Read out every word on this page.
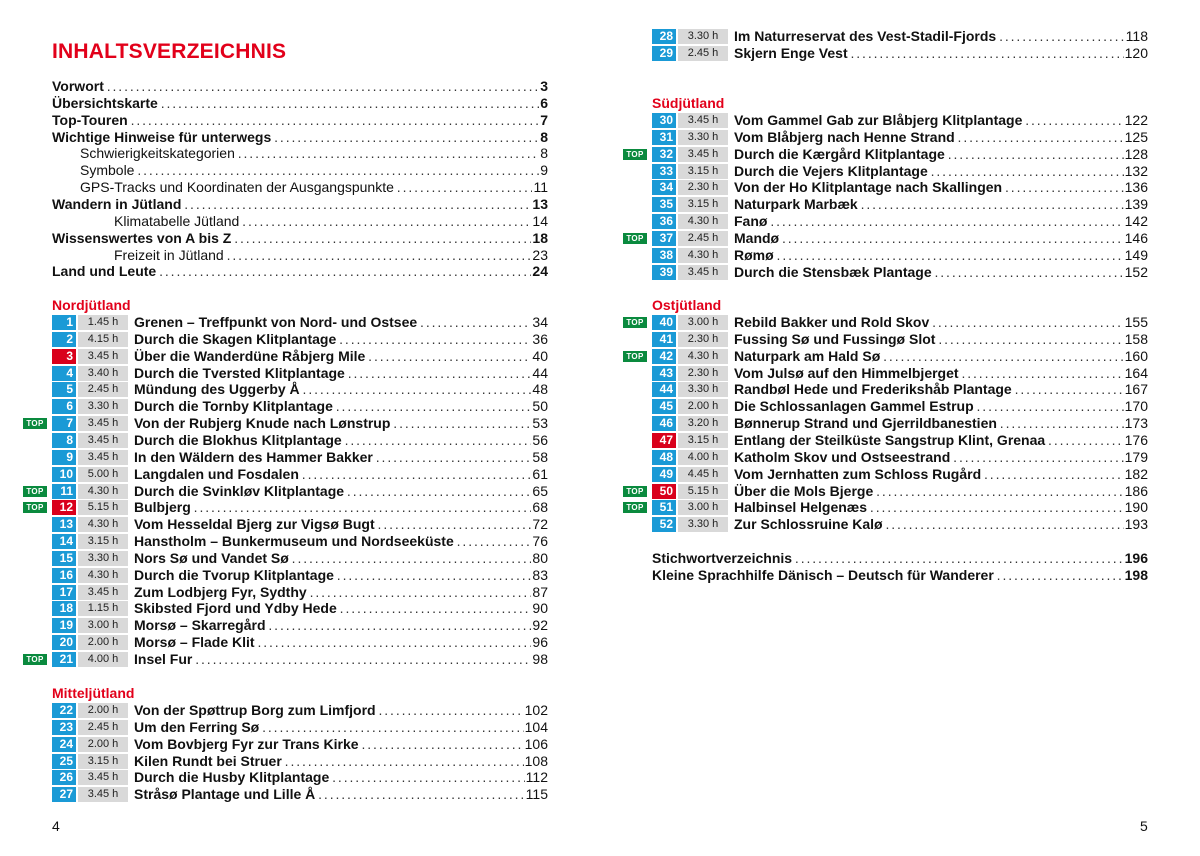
INHALTSVERZEICHNIS
Vorwort . . .	3
Übersichtskarte . . .	6
Top-Touren . . .	7
Wichtige Hinweise für unterwegs . . .	8
Schwierigkeitskategorien . . .	8
Symbole . . .	9
GPS-Tracks und Koordinaten der Ausgangspunkte . . .	11
Wandern in Jütland . . .	13
Klimatabelle Jütland . . .	14
Wissenswertes von A bis Z . . .	18
Freizeit in Jütland . . .	23
Land und Leute . . .	24
Nordjütland
1	1.45 h	Grenen – Treffpunkt von Nord- und Ostsee . . .	34
2	4.15 h	Durch die Skagen Klitplantage . . .	36
3	3.45 h	Über die Wanderdüne Råbjerg Mile . . .	40
4	3.40 h	Durch die Tversted Klitplantage . . .	44
5	2.45 h	Mündung des Uggerby Å . . .	48
6	3.30 h	Durch die Tornby Klitplantage . . .	50
7	3.45 h	Von der Rubjerg Knude nach Lønstrup . . .	53
8	3.45 h	Durch die Blokhus Klitplantage . . .	56
9	3.45 h	In den Wäldern des Hammer Bakker . . .	58
10	5.00 h	Langdalen und Fosdalen . . .	61
11	4.30 h	Durch die Svinkløv Klitplantage . . .	65
12	5.15 h	Bulbjerg . . .	68
13	4.30 h	Vom Hesseldal Bjerg zur Vigsø Bugt . . .	72
14	3.15 h	Hanstholm – Bunkermuseum und Nordseeküste . . .	76
15	3.30 h	Nors Sø und Vandet Sø . . .	80
16	4.30 h	Durch die Tvorup Klitplantage . . .	83
17	3.45 h	Zum Lodbjerg Fyr, Sydthy . . .	87
18	1.15 h	Skibsted Fjord und Ydby Hede . . .	90
19	3.00 h	Morsø – Skarregård . . .	92
20	2.00 h	Morsø – Flade Klit . . .	96
21	4.00 h	Insel Fur . . .	98
Mitteljütland
22	2.00 h	Von der Spøttrup Borg zum Limfjord . . .	102
23	2.45 h	Um den Ferring Sø . . .	104
24	2.00 h	Vom Bovbjerg Fyr zur Trans Kirke . . .	106
25	3.15 h	Kilen Rundt bei Struer . . .	108
26	3.45 h	Durch die Husby Klitplantage . . .	112
27	3.45 h	Stråsø Plantage und Lille Å . . .	115
28	3.30 h	Im Naturreservat des Vest-Stadil-Fjords . . .	118
29	2.45 h	Skjern Enge Vest . . .	120
Südjütland
30	3.45 h	Vom Gammel Gab zur Blåbjerg Klitplantage . . .	122
31	3.30 h	Vom Blåbjerg nach Henne Strand . . .	125
32	3.45 h	Durch die Kærgård Klitplantage . . .	128
33	3.15 h	Durch die Vejers Klitplantage . . .	132
34	2.30 h	Von der Ho Klitplantage nach Skallingen . . .	136
35	3.15 h	Naturpark Marbæk . . .	139
36	4.30 h	Fanø . . .	142
37	2.45 h	Mandø . . .	146
38	4.30 h	Rømø . . .	149
39	3.45 h	Durch die Stensbæk Plantage . . .	152
Ostjütland
40	3.00 h	Rebild Bakker und Rold Skov . . .	155
41	2.30 h	Fussing Sø und Fussingø Slot . . .	158
42	4.30 h	Naturpark am Hald Sø . . .	160
43	2.30 h	Vom Julsø auf den Himmelbjerget . . .	164
44	3.30 h	Randbøl Hede und Frederikshåb Plantage . . .	167
45	2.00 h	Die Schlossanlagen Gammel Estrup . . .	170
46	3.20 h	Bønnerup Strand und Gjerrildbanestien . . .	173
47	3.15 h	Entlang der Steilküste Sangstrup Klint, Grenaa . . .	176
48	4.00 h	Katholm Skov und Ostseestrand . . .	179
49	4.45 h	Vom Jernhatten zum Schloss Rugård . . .	182
50	5.15 h	Über die Mols Bjerge . . .	186
51	3.00 h	Halbinsel Helgenæs . . .	190
52	3.30 h	Zur Schlossruine Kalø . . .	193
Stichwortverzeichnis . . .	196
Kleine Sprachhilfe Dänisch – Deutsch für Wanderer . . .	198
4	5
TOP
TOP
TOP
TOP
TOP
TOP
TOP
TOP
TOP
TOP
